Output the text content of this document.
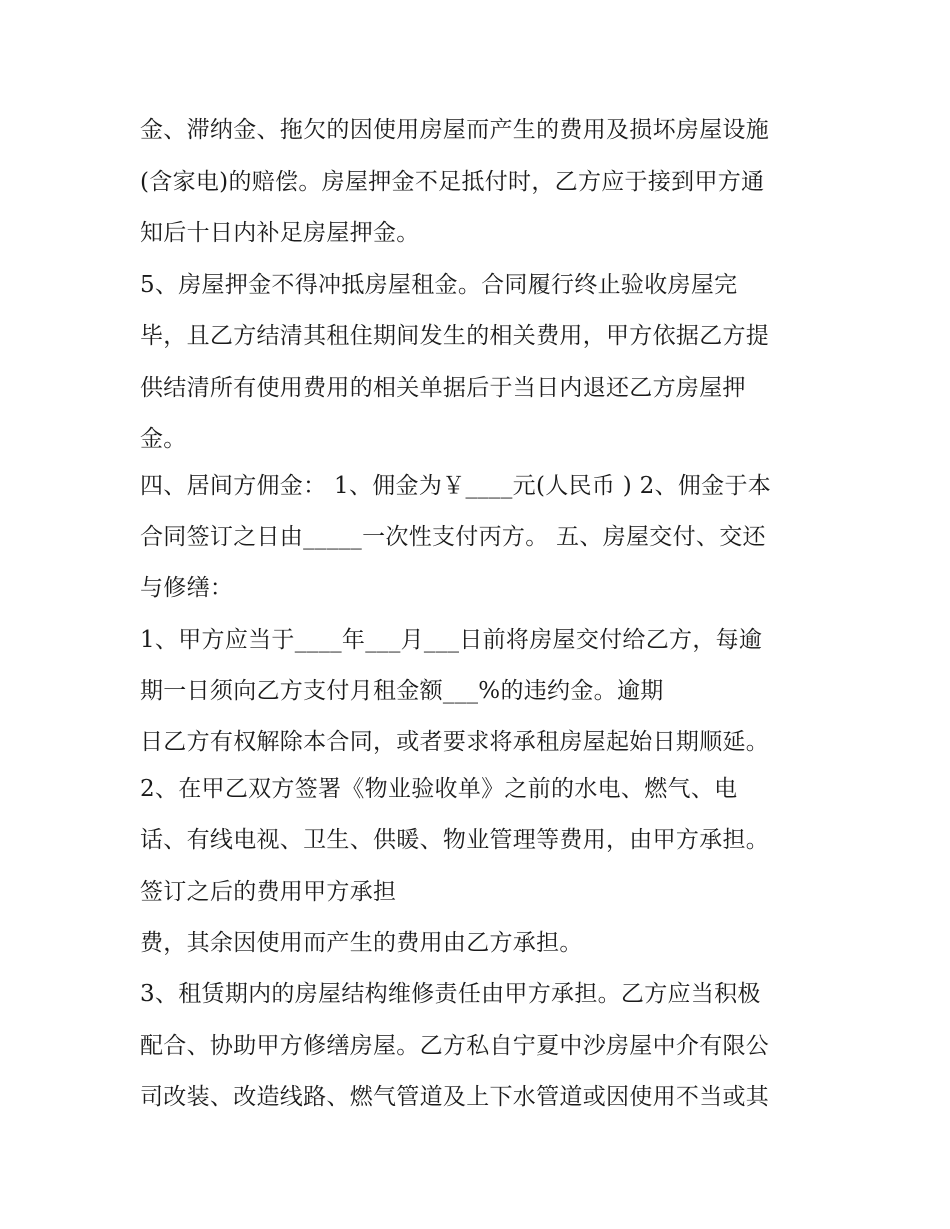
金、滞纳金、拖欠的因使用房屋而产生的费用及损坏房屋设施
(含家电)的赔偿。房屋押金不足抵付时，乙方应于接到甲方通
知后十日内补足房屋押金。
5、房屋押金不得冲抵房屋租金。合同履行终止验收房屋完
毕，且乙方结清其租住期间发生的相关费用，甲方依据乙方提
供结清所有使用费用的相关单据后于当日内退还乙方房屋押
金。
四、居间方佣金： 1、佣金为￥____元(人民币 ) 2、佣金于本
合同签订之日由_____一次性支付丙方。 五、房屋交付、交还
与修缮：
1、甲方应当于____年___月___日前将房屋交付给乙方，每逾
期一日须向乙方支付月租金额___%的违约金。逾期
日乙方有权解除本合同，或者要求将承租房屋起始日期顺延。
2、在甲乙双方签署《物业验收单》之前的水电、燃气、电
话、有线电视、卫生、供暖、物业管理等费用，由甲方承担。
签订之后的费用甲方承担
费，其余因使用而产生的费用由乙方承担。
3、租赁期内的房屋结构维修责任由甲方承担。乙方应当积极
配合、协助甲方修缮房屋。乙方私自宁夏中沙房屋中介有限公
司改装、改造线路、燃气管道及上下水管道或因使用不当或其
